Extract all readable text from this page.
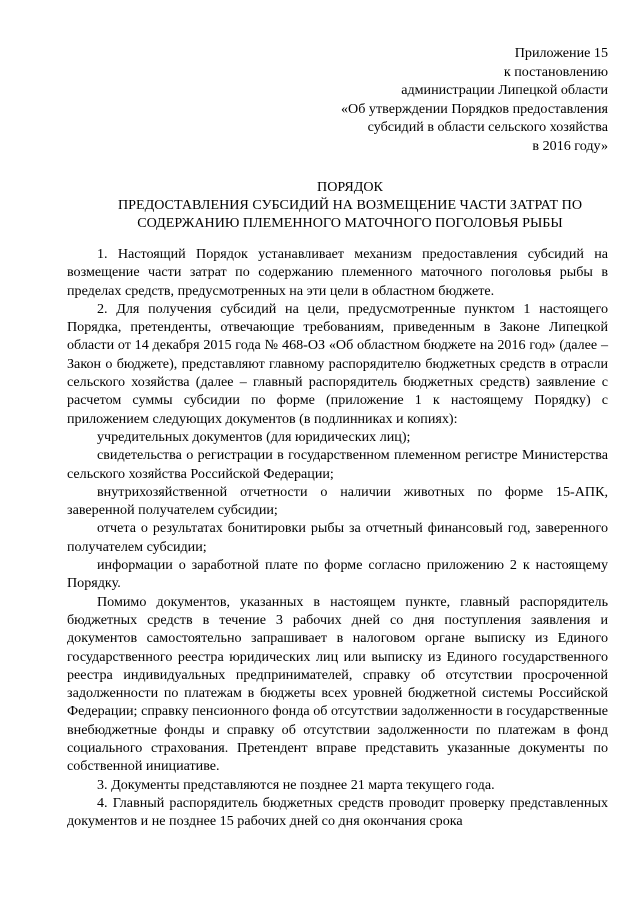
Приложение 15
к постановлению
администрации Липецкой области
«Об утверждении Порядков предоставления
субсидий в области сельского хозяйства
в 2016 году»
ПОРЯДОК
ПРЕДОСТАВЛЕНИЯ СУБСИДИЙ НА ВОЗМЕЩЕНИЕ ЧАСТИ ЗАТРАТ ПО
СОДЕРЖАНИЮ ПЛЕМЕННОГО МАТОЧНОГО ПОГОЛОВЬЯ РЫБЫ

1. Настоящий Порядок устанавливает механизм предоставления субсидий на возмещение части затрат по содержанию племенного маточного поголовья рыбы в пределах средств, предусмотренных на эти цели в областном бюджете.

2. Для получения субсидий на цели, предусмотренные пунктом 1 настоящего Порядка, претенденты, отвечающие требованиям, приведенным в Законе Липецкой области от 14 декабря 2015 года № 468-ОЗ «Об областном бюджете на 2016 год» (далее – Закон о бюджете), представляют главному распорядителю бюджетных средств в отрасли сельского хозяйства (далее – главный распорядитель бюджетных средств) заявление с расчетом суммы субсидии по форме (приложение 1 к настоящему Порядку) с приложением следующих документов (в подлинниках и копиях):

учредительных документов (для юридических лиц);

свидетельства о регистрации в государственном племенном регистре Министерства сельского хозяйства Российской Федерации;

внутрихозяйственной отчетности о наличии животных по форме 15-АПК, заверенной получателем субсидии;

отчета о результатах бонитировки рыбы за отчетный финансовый год, заверенного получателем субсидии;

информации о заработной плате по форме согласно приложению 2 к настоящему Порядку.

Помимо документов, указанных в настоящем пункте, главный распорядитель бюджетных средств в течение 3 рабочих дней со дня поступления заявления и документов самостоятельно запрашивает в налоговом органе выписку из Единого государственного реестра юридических лиц или выписку из Единого государственного реестра индивидуальных предпринимателей, справку об отсутствии просроченной задолженности по платежам в бюджеты всех уровней бюджетной системы Российской Федерации; справку пенсионного фонда об отсутствии задолженности в государственные внебюджетные фонды и справку об отсутствии задолженности по платежам в фонд социального страхования. Претендент вправе представить указанные документы по собственной инициативе.

3. Документы представляются не позднее 21 марта текущего года.

4. Главный распорядитель бюджетных средств проводит проверку представленных документов и не позднее 15 рабочих дней со дня окончания срока
